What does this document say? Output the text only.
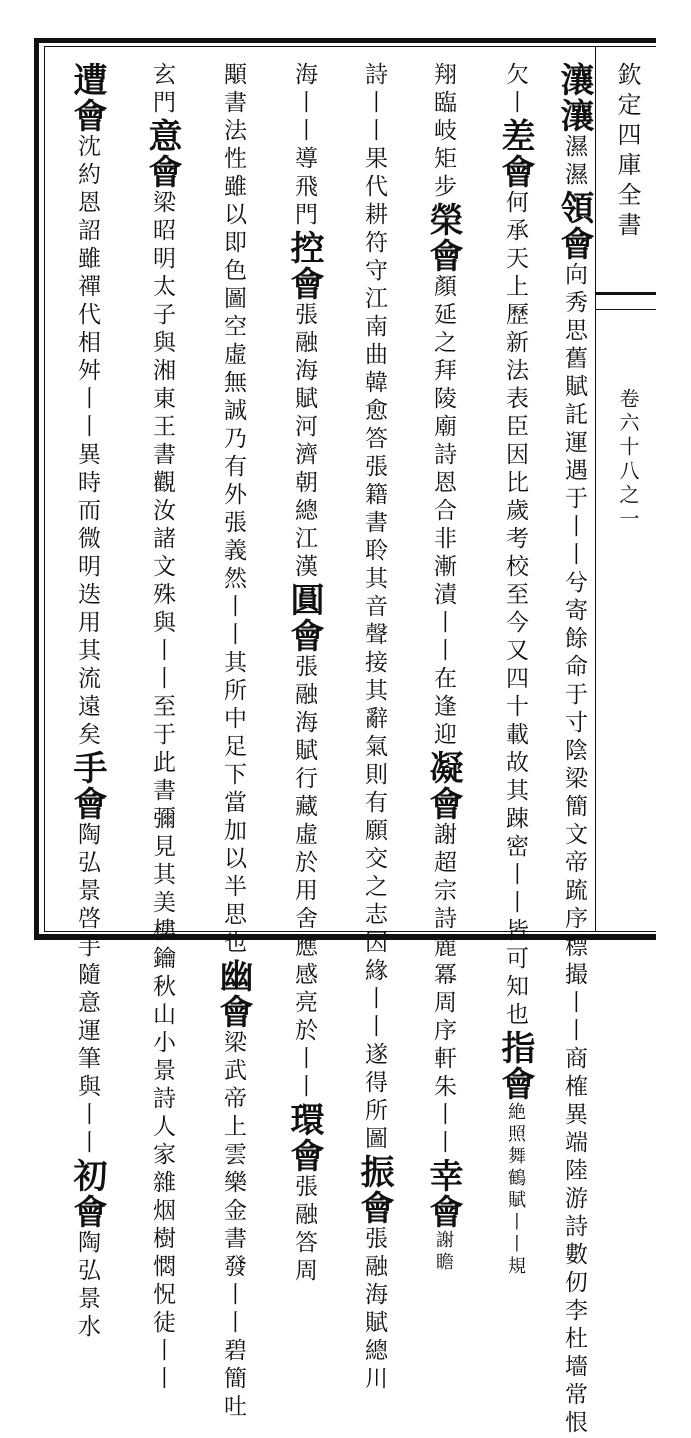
欽定四庫全書
卷六十八之一
瀼瀼濕濕領會向秀思舊賦託運遇于丨丨兮寄餘命于寸陰梁簡文帝䟽序標撮丨丨商榷異端陸游詩數仞李杜墻常恨
欠丨差會何承天上歷新法表臣因比歲考校至今又四十載故其踈密丨丨皆可知也指會絶照舞鶴賦丨丨規
翔臨岐矩步榮會顏延之拜陵廟詩恩合非漸漬丨丨在逢迎凝會謝超宗詩簏冪周序軒朱丨丨幸會謝瞻
詩丨丨果代耕符守江南曲韓愈答張籍書聆其音聲接其辭氣則有願交之志因緣丨丨遂得所圖振會張融海賦總川
海丨丨導飛門控會張融海賦河濟朝總江漢圓會張融海賦行藏虛於用舍應感亮於丨丨環會張融答周
顒書法性雖以即色圖空虛無誠乃有外張義然丨丨其所中足下當加以半思也幽會梁武帝上雲樂金書發丨丨碧簡吐
玄門意會梁昭明太子與湘東王書觀汝諸文殊與丨丨至于此書彌見其美樓鑰秋山小景詩人家雜烟樹㦖怳徒丨丨
遭會沈約恩詔雖禪代相舛丨丨異時而微明迭用其流遠矣手會陶弘景啓手隨意運筆與丨丨初會陶弘景水
